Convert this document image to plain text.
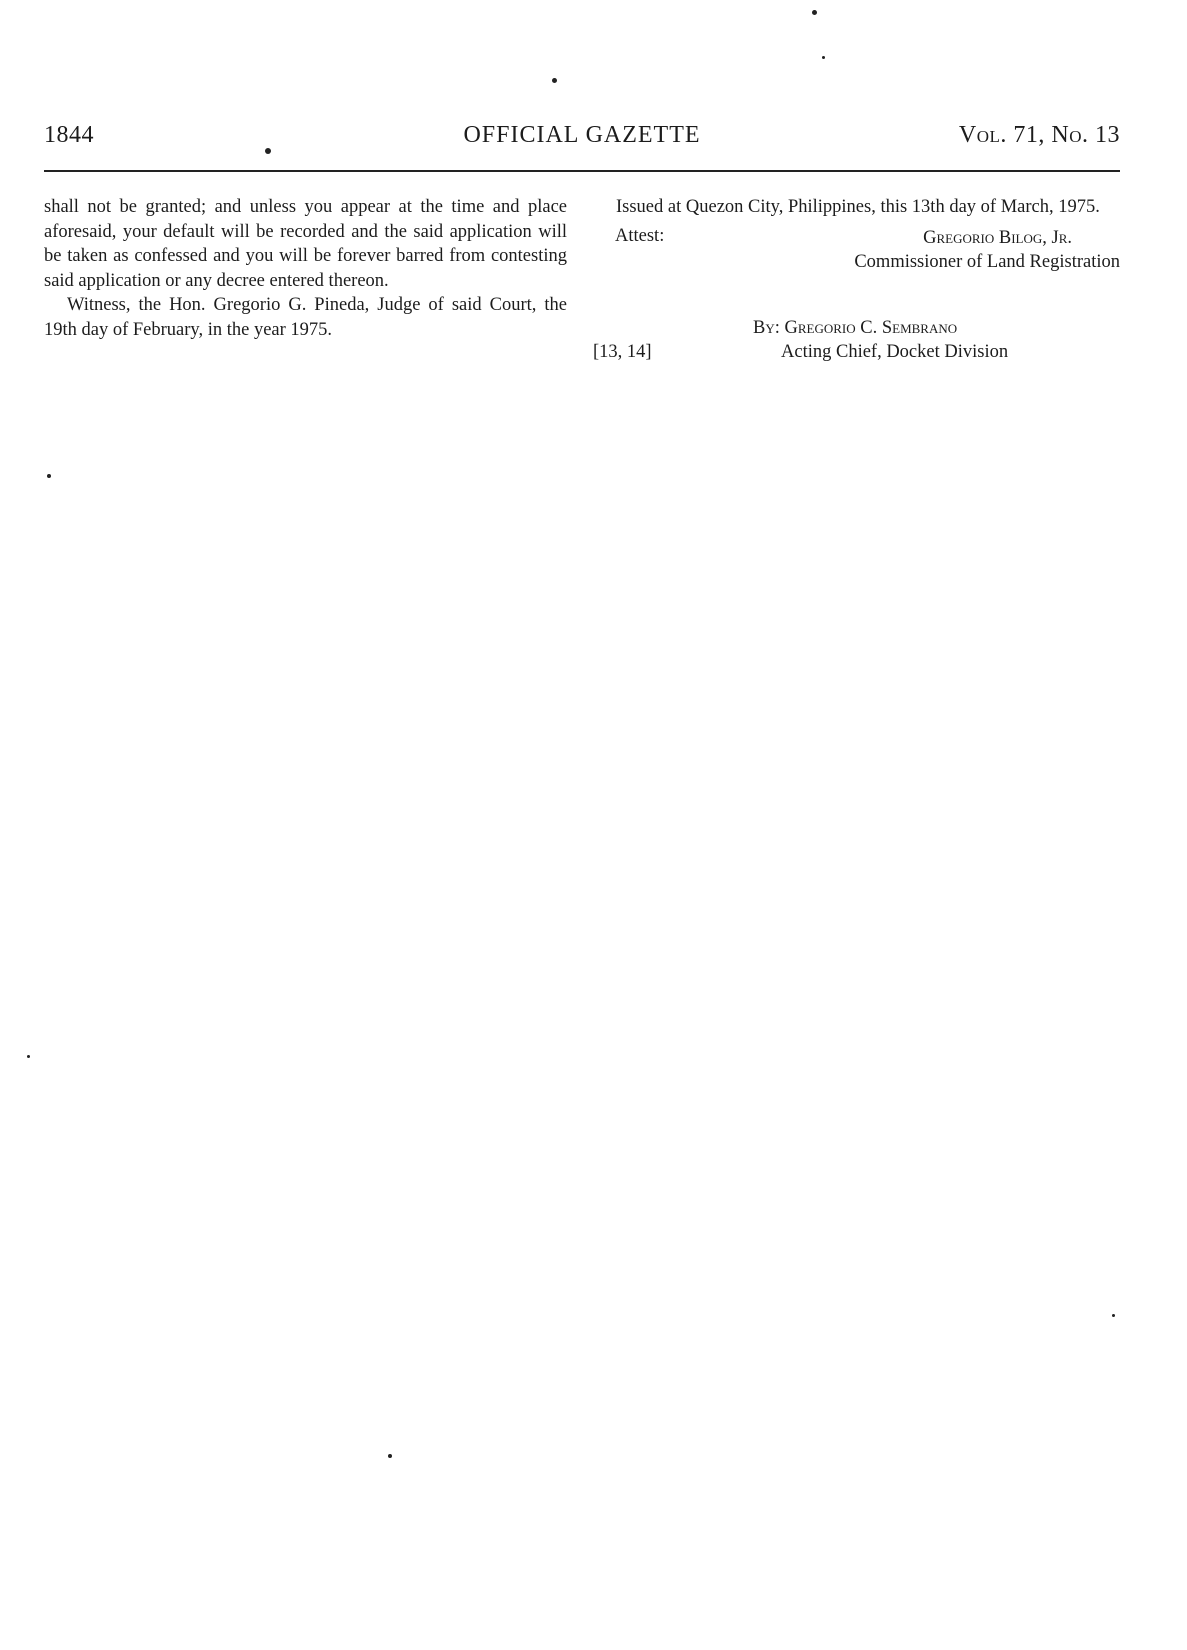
1844	OFFICIAL GAZETTE	Vol. 71, No. 13

shall not be granted; and unless you appear at the time and place aforesaid, your default will be recorded and the said application will be taken as confessed and you will be forever barred from contesting said application or any decree entered thereon.

Witness, the Hon. Gregorio G. Pineda, Judge of said Court, the 19th day of February, in the year 1975.

Issued at Quezon City, Philippines, this 13th day of March, 1975.

Attest:	Gregorio Bilog, Jr.
Commissioner of Land Registration
By: Gregorio C. Sembrano
[13, 14]	Acting Chief, Docket Division
